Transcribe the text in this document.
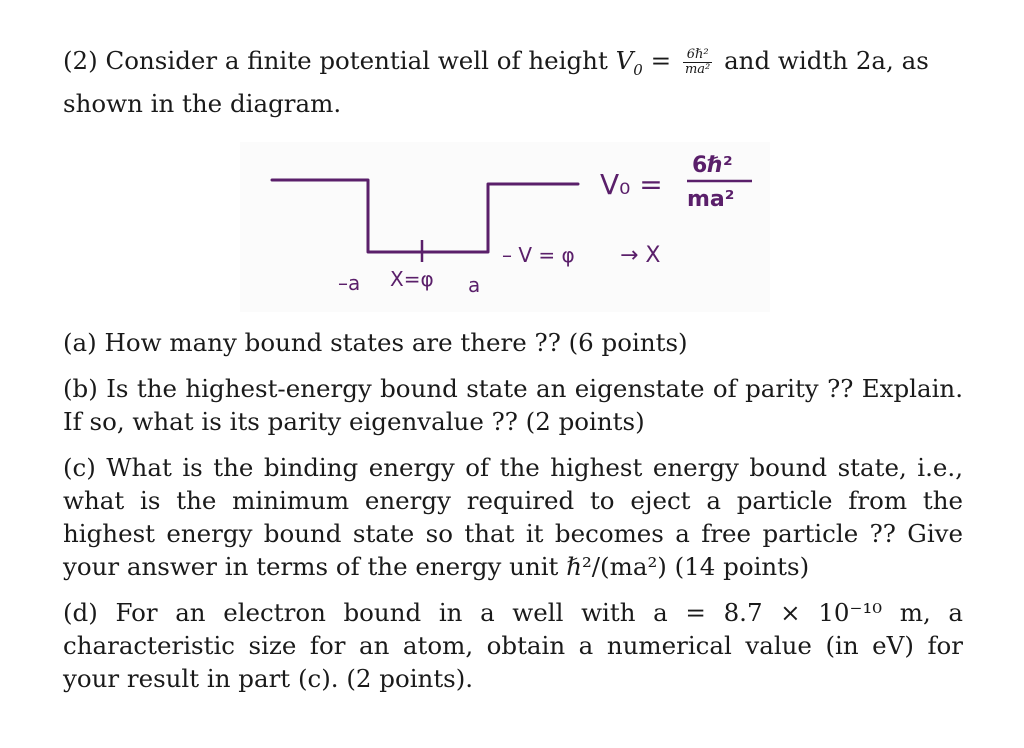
(2) Consider a finite potential well of height $V_0 = \frac{\text{6ℏ²}}{\text{ma²}}$ and width 2a, as shown in the diagram.

V₀ =
6ℏ²
ma²
– V = φ → X
–a X=φ a

(a) How many bound states are there ?? (6 points)

(b) Is the highest-energy bound state an eigenstate of parity ?? Explain. If so, what is its parity eigenvalue ?? (2 points)

(c) What is the binding energy of the highest energy bound state, i.e., what is the minimum energy required to eject a particle from the highest energy bound state so that it becomes a free particle ?? Give your answer in terms of the energy unit ℏ²/(ma²) (14 points)

(d) For an electron bound in a well with a = 8.7 × 10⁻¹⁰ m, a characteristic size for an atom, obtain a numerical value (in eV) for your result in part (c). (2 points).
